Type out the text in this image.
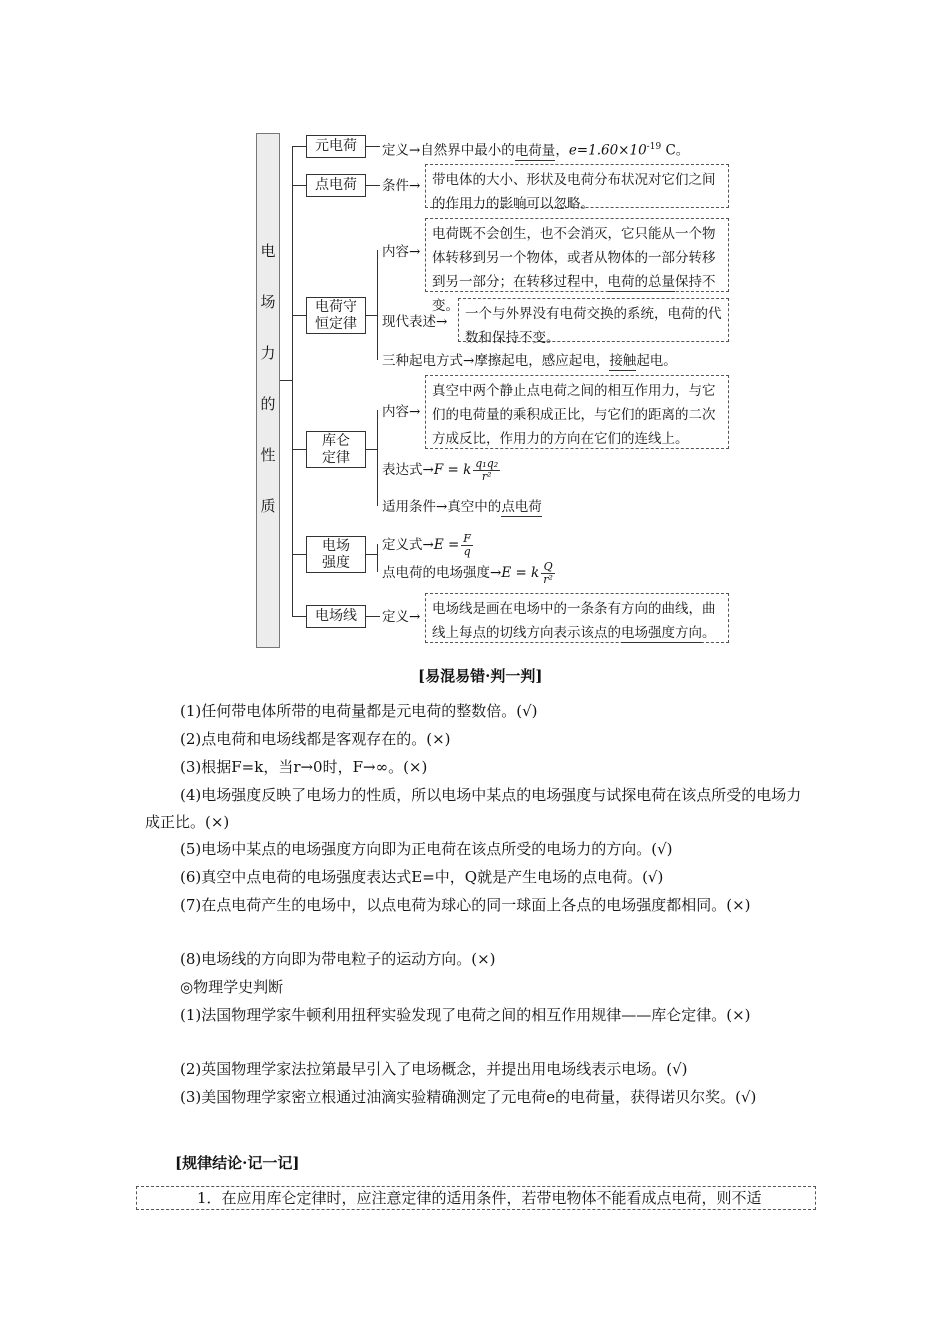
电
场
力
的
性
质
元电荷
点电荷
电荷守
恒定律
库仑
定律
电场
强度
电场线
定义→自然界中最小的电荷量，$e=1.60\times 10^{-19}$ C。
条件→ 带电体的大小、形状及电荷分布状况对它们之间的作用力的影响可以忽略。
内容→
电荷既不会创生，也不会消灭，它只能从一个物体转移到另一个物体，或者从物体的一部分转移到另一部分；在转移过程中，电荷的总量保持不变。
现代表述→	一个与外界没有电荷交换的系统，电荷的代数和保持不变。
三种起电方式→摩擦起电，感应起电，接触起电。
内容→
真空中两个静止点电荷之间的相互作用力，与它们的电荷量的乘积成正比，与它们的距离的二次方成反比，作用力的方向在它们的连线上。
表达式→F = k $\frac{\text{q₁q₂}}{\text{r²}}$
适用条件→真空中的点电荷
定义式$\to E = \frac{F}{q}$
点电荷的电场强度→E = k $\frac{Q}{\text{r²}}$
定义→ 电场线是画在电场中的一条条有方向的曲线，曲线上每点的切线方向表示该点的电场强度方向。
[易混易错·判一判]
(1)任何带电体所带的电荷量都是元电荷的整数倍。(√)
(2)点电荷和电场线都是客观存在的。(×)
(3)根据F=k，当r→0时，F→∞。(×)
(4)电场强度反映了电场力的性质，所以电场中某点的电场强度与试探电荷在该点所受的电场力成正比。(×)
(5)电场中某点的电场强度方向即为正电荷在该点所受的电场力的方向。(√)
(6)真空中点电荷的电场强度表达式E=中，Q就是产生电场的点电荷。(√)
(7)在点电荷产生的电场中，以点电荷为球心的同一球面上各点的电场强度都相同。(×)
(8)电场线的方向即为带电粒子的运动方向。(×)
◎物理学史判断
(1)法国物理学家牛顿利用扭秤实验发现了电荷之间的相互作用规律——库仑定律。(×)
(2)英国物理学家法拉第最早引入了电场概念，并提出用电场线表示电场。(√)
(3)美国物理学家密立根通过油滴实验精确测定了元电荷e的电荷量，获得诺贝尔奖。(√)
[规律结论·记一记]
1．在应用库仑定律时，应注意定律的适用条件，若带电物体不能看成点电荷，则不适
